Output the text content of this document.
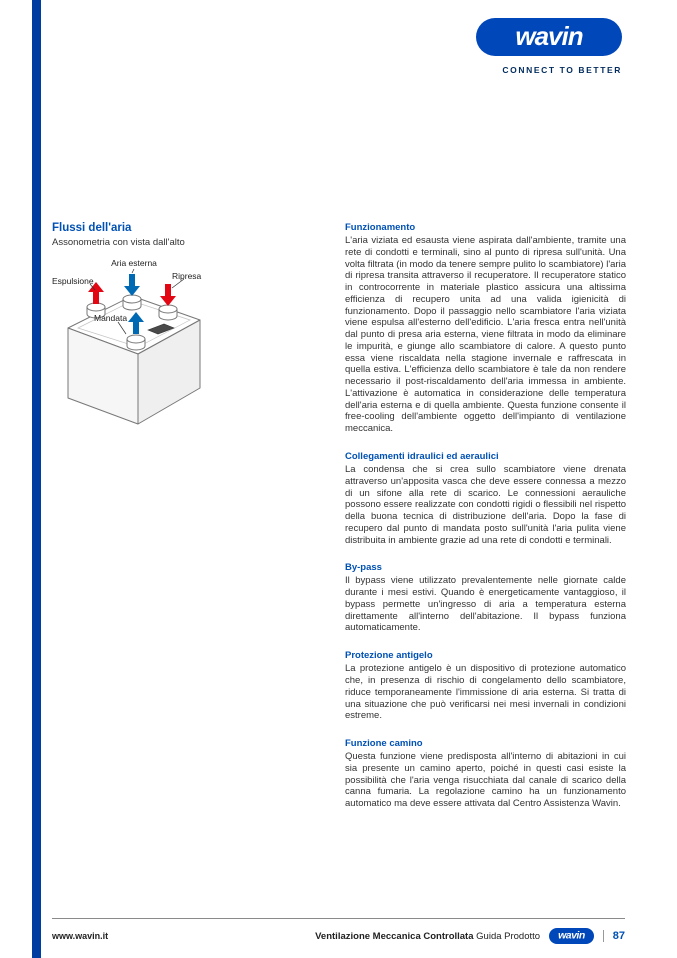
wavin
CONNECT TO BETTER
Flussi dell'aria
Assonometria con vista dall'alto
Aria esterna
Espulsione	Ripresa
Mandata
Funzionamento

L'aria viziata ed esausta viene aspirata dall'ambiente, tramite una rete di condotti e terminali, sino al punto di ripresa sull'unità. Una volta filtrata (in modo da tenere sempre pulito lo scambiatore) l'aria di ripresa transita attraverso il recuperatore. Il recuperatore statico in controcorrente in materiale plastico assicura una altissima efficienza di recupero unita ad una valida igienicità di funzionamento. Dopo il passaggio nello scambiatore l'aria viziata viene espulsa all'esterno dell'edificio. L'aria fresca entra nell'unità dal punto di presa aria esterna, viene filtrata in modo da eliminare le impurità, e giunge allo scambiatore di calore. A questo punto essa viene riscaldata nella stagione invernale e raffrescata in quella estiva. L'efficienza dello scambiatore è tale da non rendere necessario il post-riscaldamento dell'aria immessa in ambiente. L'attivazione è automatica in considerazione delle temperatura dell'aria esterna e di quella ambiente. Questa funzione consente il free-cooling dell'ambiente oggetto dell'impianto di ventilazione meccanica.

Collegamenti idraulici ed aeraulici

La condensa che si crea sullo scambiatore viene drenata attraverso un'apposita vasca che deve essere connessa a mezzo di un sifone alla rete di scarico. Le connessioni aerauliche possono essere realizzate con condotti rigidi o flessibili nel rispetto della buona tecnica di distribuzione dell'aria. Dopo la fase di recupero dal punto di mandata posto sull'unità l'aria pulita viene distribuita in ambiente grazie ad una rete di condotti e terminali.

By-pass

Il bypass viene utilizzato prevalentemente nelle giornate calde durante i mesi estivi. Quando è energeticamente vantaggioso, il bypass permette un'ingresso di aria a temperatura esterna direttamente all'interno dell'abitazione. Il bypass funziona automaticamente.

Protezione antigelo

La protezione antigelo è un dispositivo di protezione automatico che, in presenza di rischio di congelamento dello scambiatore, riduce temporaneamente l'immissione di aria esterna. Si tratta di una situazione che può verificarsi nei mesi invernali in condizioni estreme.

Funzione camino

Questa funzione viene predisposta all'interno di abitazioni in cui sia presente un camino aperto, poiché in questi casi esiste la possibilità che l'aria venga risucchiata dal canale di scarico della canna fumaria. La regolazione camino ha un funzionamento automatico ma deve essere attivata dal Centro Assistenza Wavin.

www.wavin.it	Ventilazione Meccanica Controllata Guida Prodotto wavin	87
